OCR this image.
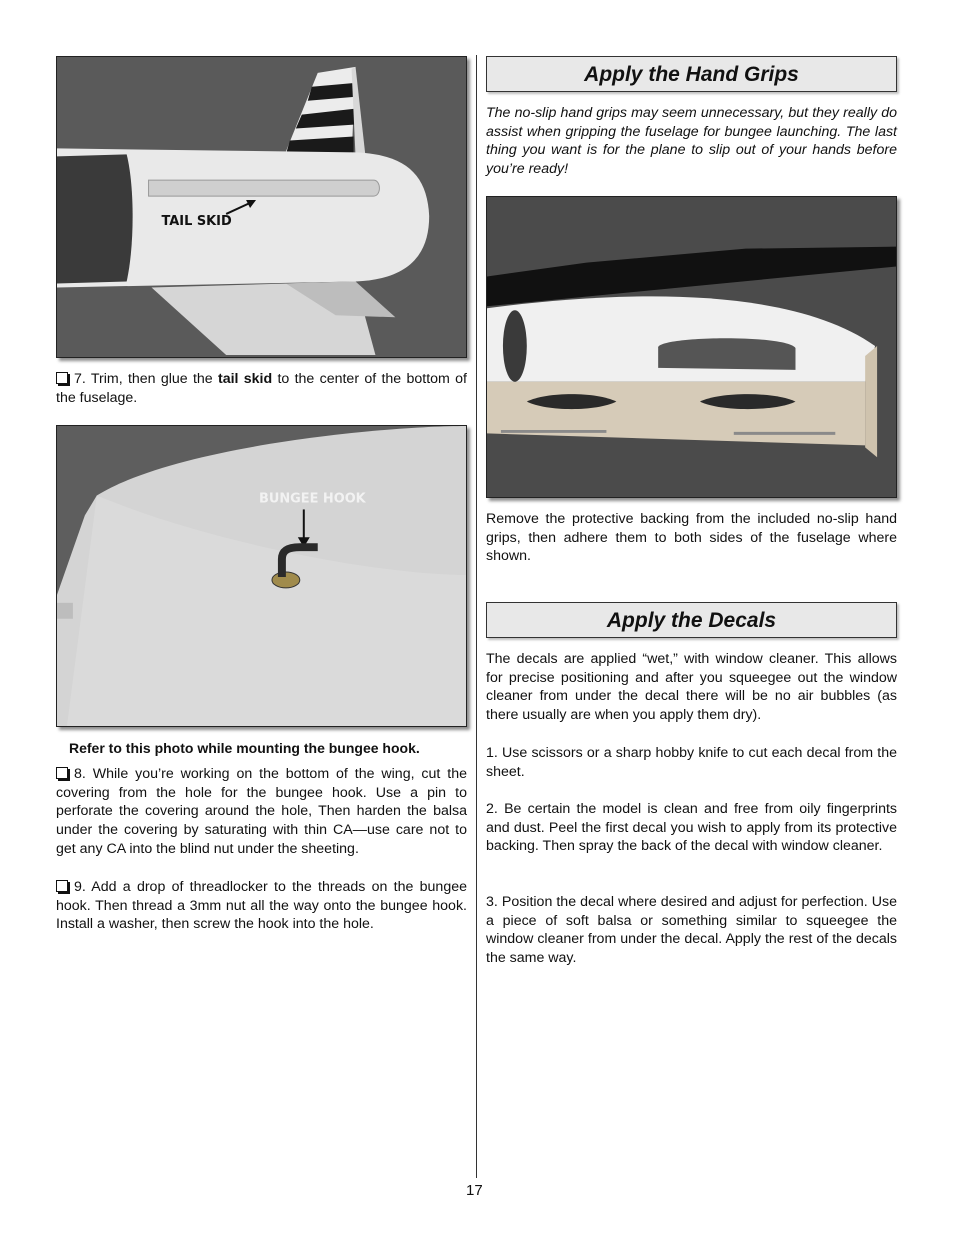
TAIL SKID

7. Trim, then glue the tail skid to the center of the bottom of the fuselage.

BUNGEE HOOK

Refer to this photo while mounting the bungee hook.

8. While you’re working on the bottom of the wing, cut the covering from the hole for the bungee hook. Use a pin to perforate the covering around the hole, Then harden the balsa under the covering by saturating with thin CA—use care not to get any CA into the blind nut under the sheeting.

9. Add a drop of threadlocker to the threads on the bungee hook. Then thread a 3mm nut all the way onto the bungee hook. Install a washer, then screw the hook into the hole.

Apply the Hand Grips

The no-slip hand grips may seem unnecessary, but they really do assist when gripping the fuselage for bungee launching. The last thing you want is for the plane to slip out of your hands before you’re ready!

Remove the protective backing from the included no-slip hand grips, then adhere them to both sides of the fuselage where shown.

Apply the Decals

The decals are applied “wet,” with window cleaner. This allows for precise positioning and after you squeegee out the window cleaner from under the decal there will be no air bubbles (as there usually are when you apply them dry).

1. Use scissors or a sharp hobby knife to cut each decal from the sheet.

2. Be certain the model is clean and free from oily fingerprints and dust. Peel the first decal you wish to apply from its protective backing. Then spray the back of the decal with window cleaner.

3. Position the decal where desired and adjust for perfection. Use a piece of soft balsa or something similar to squeegee the window cleaner from under the decal. Apply the rest of the decals the same way.

17
